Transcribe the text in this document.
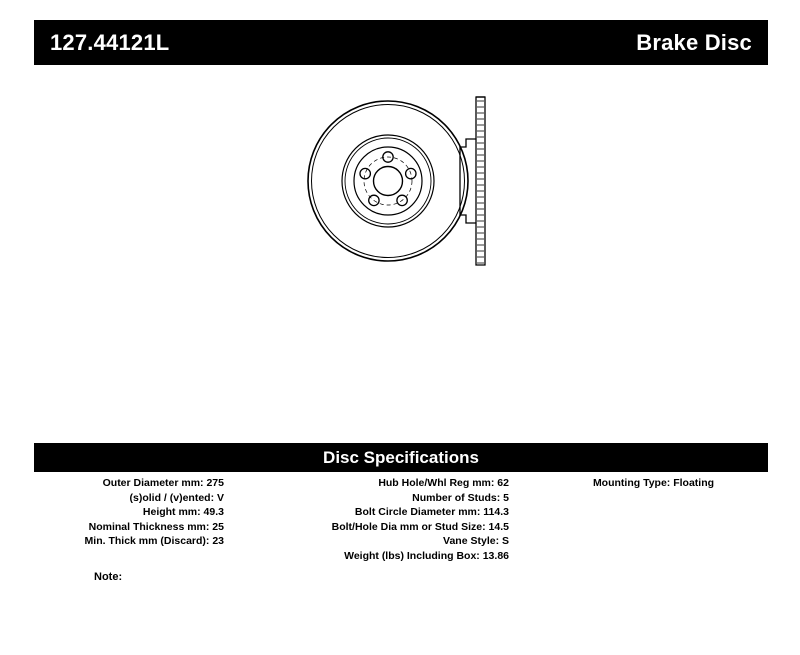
127.44121L	Brake Disc
Disc Specifications
Outer Diameter mm: 275
(s)olid / (v)ented: V
Height mm: 49.3
Nominal Thickness mm: 25
Min. Thick mm (Discard): 23
Hub Hole/Whl Reg mm: 62
Number of Studs: 5
Bolt Circle Diameter mm: 114.3
Bolt/Hole Dia mm or Stud Size: 14.5
Vane Style: S
Weight (lbs) Including Box: 13.86
Mounting Type: Floating
Note:
